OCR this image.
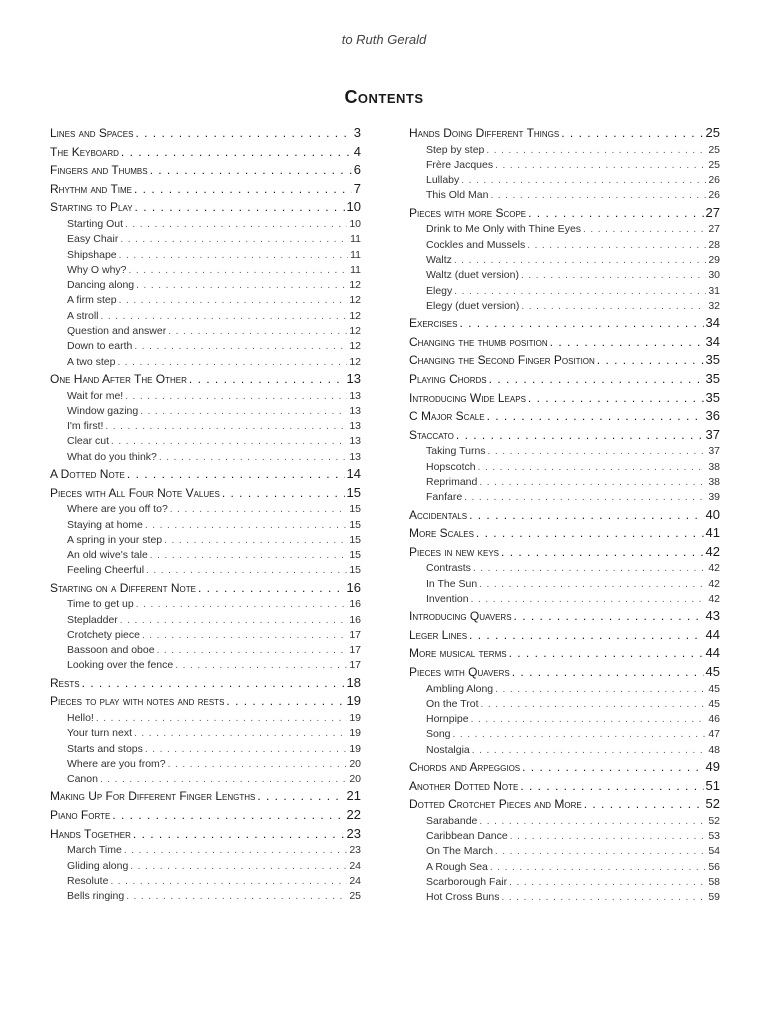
to Ruth Gerald
Contents
Lines and Spaces . . .	3
The Keyboard . . .	4
Fingers and Thumbs . . .	6
Rhythm and Time . . .	7
Starting to Play . . .	10
Starting Out . . .	10
Easy Chair . . .	11
Shipshape . . .	11
Why O why? . . .	11
Dancing along . . .	12
A firm step . . .	12
A stroll . . .	12
Question and answer . . .	12
Down to earth . . .	12
A two step . . .	12
One Hand After The Other . . .	13
Wait for me! . . .	13
Window gazing . . .	13
I'm first! . . .	13
Clear cut . . .	13
What do you think? . . .	13
A Dotted Note . . .	14
Pieces with All Four Note Values . . .	15
Where are you off to? . . .	15
Staying at home . . .	15
A spring in your step . . .	15
An old wive's tale . . .	15
Feeling Cheerful . . .	15
Starting on a Different Note . . .	16
Time to get up . . .	16
Stepladder . . .	16
Crotchety piece . . .	17
Bassoon and oboe . . .	17
Looking over the fence . . .	17
Rests . . .	18
Pieces to play with notes and rests . . .	19
Hello! . . .	19
Your turn next . . .	19
Starts and stops . . .	19
Where are you from? . . .	20
Canon . . .	20
Making Up For Different Finger Lengths . . .	21
Piano Forte . . .	22
Hands Together . . .	23
March Time . . .	23
Gliding along . . .	24
Resolute . . .	24
Bells ringing . . .	25
Hands Doing Different Things . . .	25
Step by step . . .	25
Frère Jacques . . .	25
Lullaby . . .	26
This Old Man . . .	26
Pieces with more Scope . . .	27
Drink to Me Only with Thine Eyes . . .	27
Cockles and Mussels . . .	28
Waltz . . .	29
Waltz (duet version) . . .	30
Elegy . . .	31
Elegy (duet version) . . .	32
Exercises . . .	34
Changing the thumb position . . .	34
Changing the Second Finger Position . . .	35
Playing Chords . . .	35
Introducing Wide Leaps . . .	35
C Major Scale . . .	36
Staccato . . .	37
Taking Turns . . .	37
Hopscotch . . .	38
Reprimand . . .	38
Fanfare . . .	39
Accidentals . . .	40
More Scales . . .	41
Pieces in new keys . . .	42
Contrasts . . .	42
In The Sun . . .	42
Invention . . .	42
Introducing Quavers . . .	43
Leger Lines . . .	44
More musical terms . . .	44
Pieces with Quavers . . .	45
Ambling Along . . .	45
On the Trot . . .	45
Hornpipe . . .	46
Song . . .	47
Nostalgia . . .	48
Chords and Arpeggios . . .	49
Another Dotted Note . . .	51
Dotted Crotchet Pieces and More . . .	52
Sarabande . . .	52
Caribbean Dance . . .	53
On The March . . .	54
A Rough Sea . . .	56
Scarborough Fair . . .	58
Hot Cross Buns . . .	59
